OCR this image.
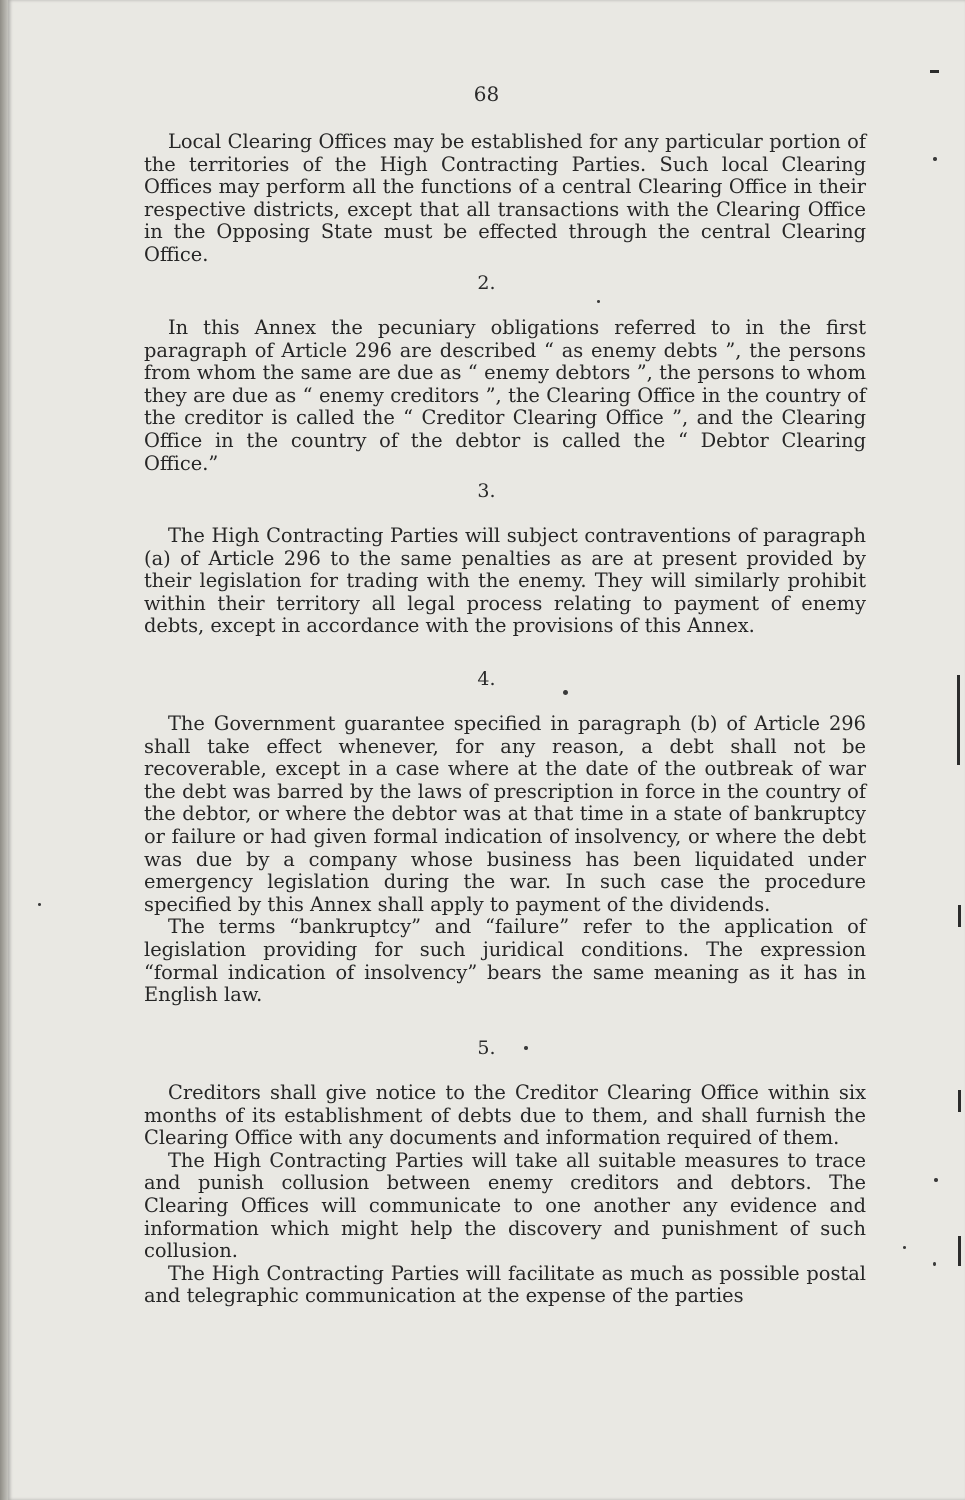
68

Local Clearing Offices may be established for any particular portion of the territories of the High Contracting Parties. Such local Clearing Offices may perform all the functions of a central Clearing Office in their respective districts, except that all transactions with the Clearing Office in the Opposing State must be effected through the central Clearing Office.

2.

In this Annex the pecuniary obligations referred to in the first paragraph of Article 296 are described “ as enemy debts ”, the persons from whom the same are due as “ enemy debtors ”, the persons to whom they are due as “ enemy creditors ”, the Clearing Office in the country of the creditor is called the “ Creditor Clearing Office ”, and the Clearing Office in the country of the debtor is called the “ Debtor Clearing Office.”

3.

The High Contracting Parties will subject contraventions of paragraph (a) of Article 296 to the same penalties as are at present provided by their legislation for trading with the enemy. They will similarly prohibit within their territory all legal process relating to payment of enemy debts, except in accordance with the provisions of this Annex.

4.

The Government guarantee specified in paragraph (b) of Article 296 shall take effect whenever, for any reason, a debt shall not be recoverable, except in a case where at the date of the outbreak of war the debt was barred by the laws of prescription in force in the country of the debtor, or where the debtor was at that time in a state of bankruptcy or failure or had given formal indication of insolvency, or where the debt was due by a company whose business has been liquidated under emergency legislation during the war. In such case the procedure specified by this Annex shall apply to payment of the dividends.

The terms “bankruptcy” and “failure” refer to the application of legislation providing for such juridical conditions. The expression “formal indication of insolvency” bears the same meaning as it has in English law.

5.

Creditors shall give notice to the Creditor Clearing Office within six months of its establishment of debts due to them, and shall furnish the Clearing Office with any documents and information required of them.

The High Contracting Parties will take all suitable measures to trace and punish collusion between enemy creditors and debtors. The Clearing Offices will communicate to one another any evidence and information which might help the discovery and punishment of such collusion.

The High Contracting Parties will facilitate as much as possible postal and telegraphic communication at the expense of the parties
